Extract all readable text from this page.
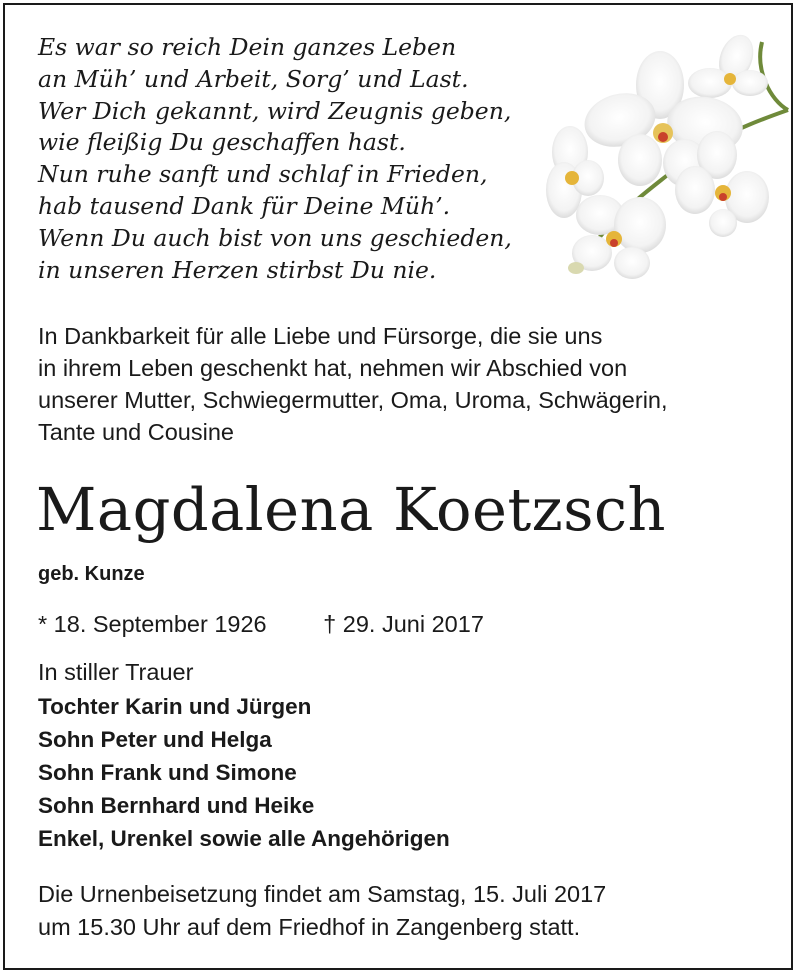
Es war so reich Dein ganzes Leben
an Müh’ und Arbeit, Sorg’ und Last.
Wer Dich gekannt, wird Zeugnis geben,
wie fleißig Du geschaffen hast.
Nun ruhe sanft und schlaf in Frieden,
hab tausend Dank für Deine Müh’.
Wenn Du auch bist von uns geschieden,
in unseren Herzen stirbst Du nie.
In Dankbarkeit für alle Liebe und Fürsorge, die sie uns
in ihrem Leben geschenkt hat, nehmen wir Abschied von
unserer Mutter, Schwiegermutter, Oma, Uroma, Schwägerin,
Tante und Cousine
Magdalena Koetzsch
geb. Kunze
* 18. September 1926 † 29. Juni 2017
In stiller Trauer
Tochter Karin und Jürgen
Sohn Peter und Helga
Sohn Frank und Simone
Sohn Bernhard und Heike
Enkel, Urenkel sowie alle Angehörigen
Die Urnenbeisetzung findet am Samstag, 15. Juli 2017
um 15.30 Uhr auf dem Friedhof in Zangenberg statt.
